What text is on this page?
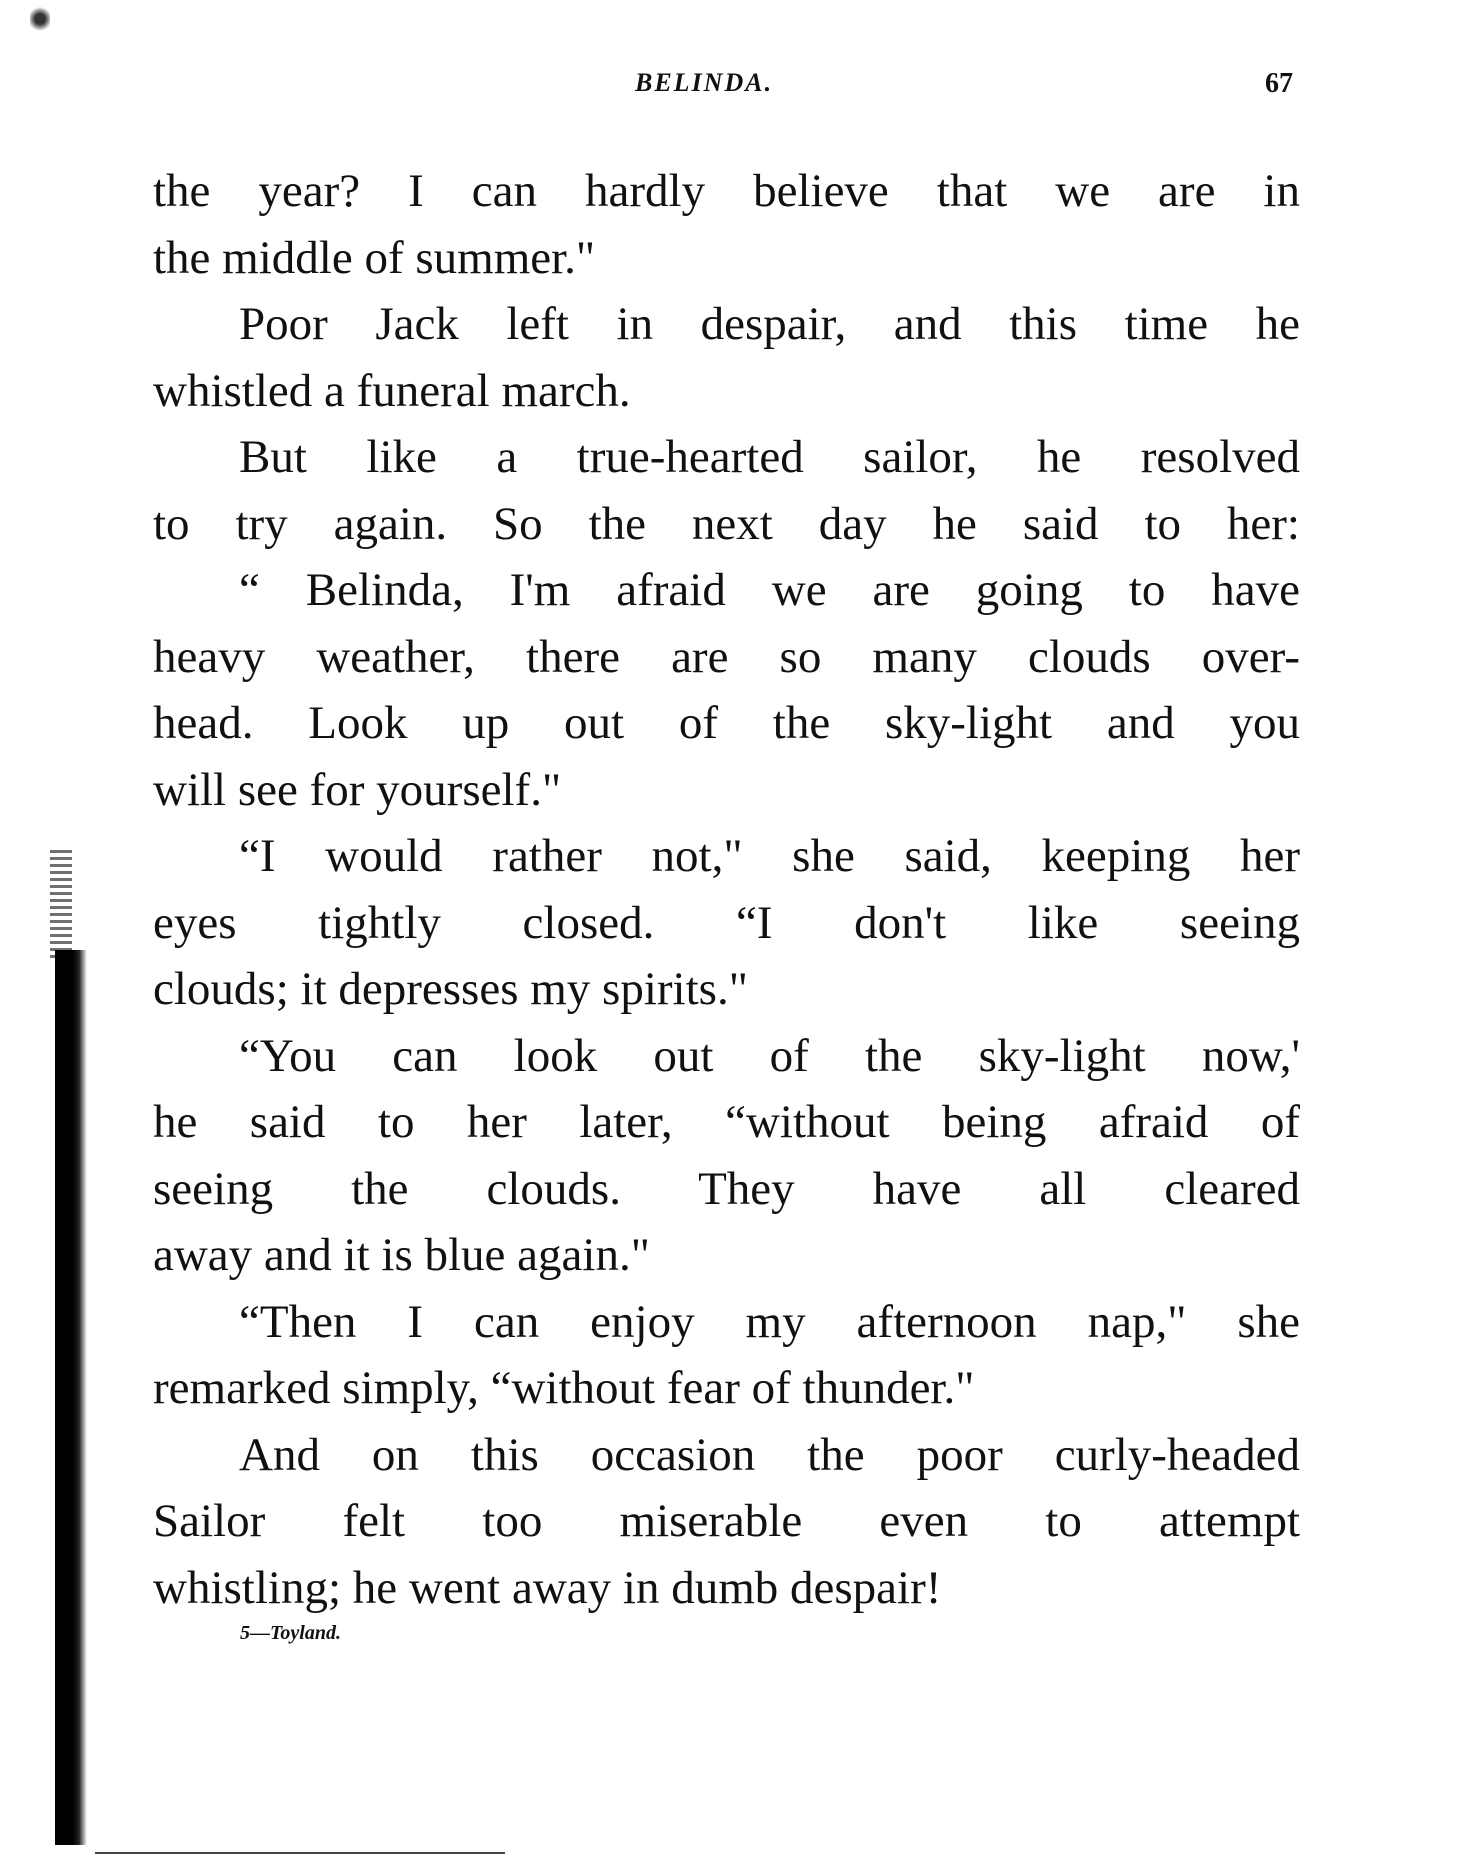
BELINDA.	67
the year? I can hardly believe that we are in
the middle of summer."
Poor Jack left in despair, and this time he
whistled a funeral march.
But like a true-hearted sailor, he resolved
to try again. So the next day he said to her:
“ Belinda, I'm afraid we are going to have
heavy weather, there are so many clouds over-
head. Look up out of the sky-light and you
will see for yourself."
“I would rather not," she said, keeping her
eyes tightly closed. “I don't like seeing
clouds; it depresses my spirits."
“You can look out of the sky-light now,'
he said to her later, “without being afraid of
seeing the clouds. They have all cleared
away and it is blue again."
“Then I can enjoy my afternoon nap," she
remarked simply, “without fear of thunder."
And on this occasion the poor curly-headed
Sailor felt too miserable even to attempt
whistling; he went away in dumb despair!
5—Toyland.
